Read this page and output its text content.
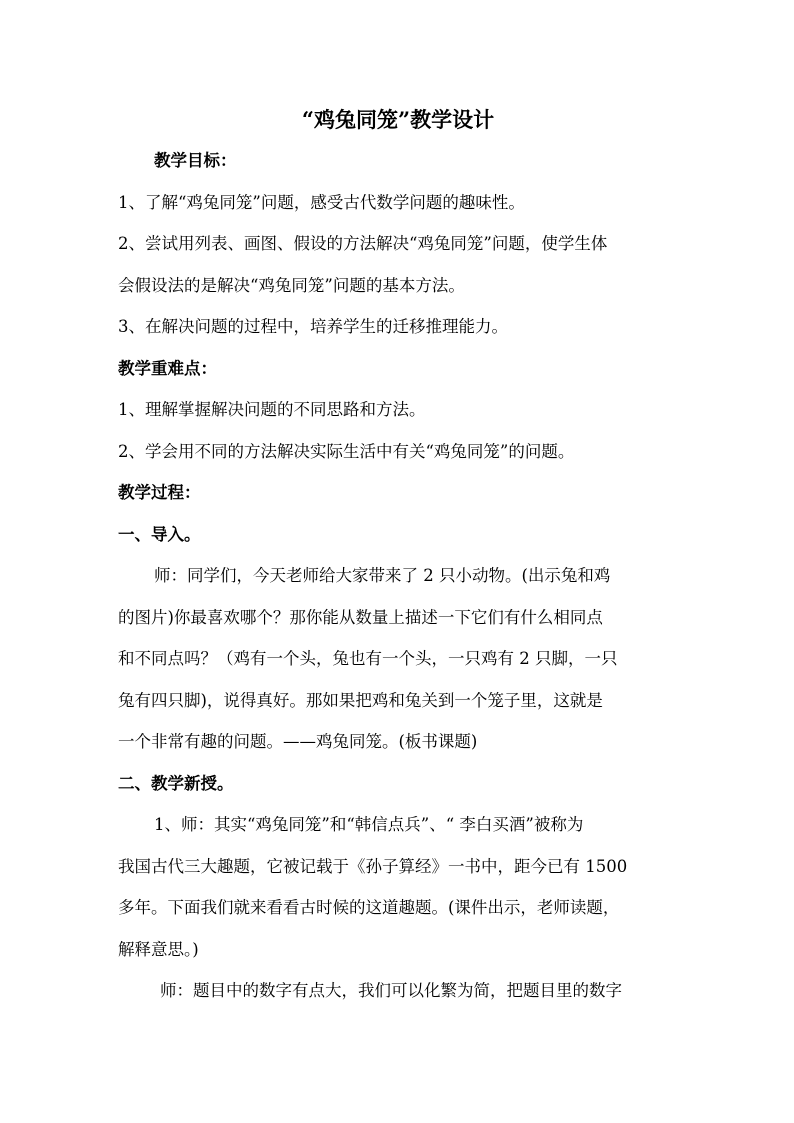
“鸡兔同笼”教学设计
教学目标：
1、了解“鸡兔同笼”问题，感受古代数学问题的趣味性。
2、尝试用列表、画图、假设的方法解决“鸡兔同笼”问题，使学生体
会假设法的是解决“鸡兔同笼”问题的基本方法。
3、在解决问题的过程中，培养学生的迁移推理能力。
教学重难点：
1、理解掌握解决问题的不同思路和方法。
2、学会用不同的方法解决实际生活中有关“鸡兔同笼”的问题。
教学过程：
一、导入。
师：同学们，今天老师给大家带来了 2 只小动物。(出示兔和鸡
的图片)你最喜欢哪个？那你能从数量上描述一下它们有什么相同点
和不同点吗？（鸡有一个头，兔也有一个头，一只鸡有 2 只脚，一只
兔有四只脚)，说得真好。那如果把鸡和兔关到一个笼子里，这就是
一个非常有趣的问题。——鸡兔同笼。(板书课题)
二、教学新授。
1、师：其实“鸡兔同笼”和“韩信点兵”、“ 李白买酒”被称为
我国古代三大趣题，它被记载于《孙子算经》一书中，距今已有 1500
多年。下面我们就来看看古时候的这道趣题。(课件出示，老师读题，
解释意思。)
师：题目中的数字有点大，我们可以化繁为简，把题目里的数字
